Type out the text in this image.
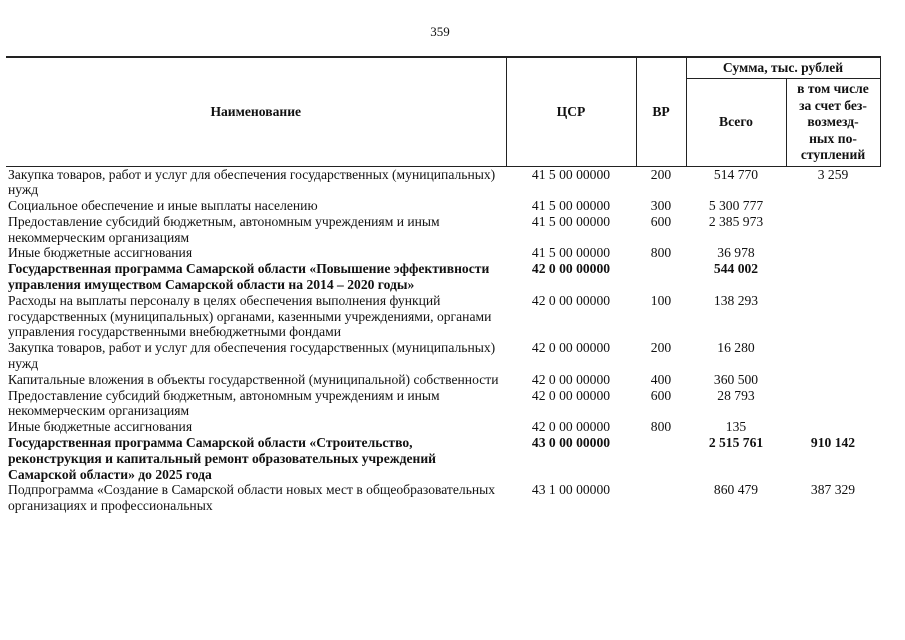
359
Наименование	ЦСР	ВР	Сумма, тыс. рублей	
			Всего	в том числе
за счет без-
возмезд-
ных по-
ступлений

Закупка товаров, работ и услуг для обеспечения государственных (муниципальных) нужд	41 5 00 00000	200	514 770	3 259
Социальное обеспечение и иные выплаты населению	41 5 00 00000	300	5 300 777	
Предоставление субсидий бюджетным, автономным учреждениям и иным некоммерческим организациям	41 5 00 00000	600	2 385 973	
Иные бюджетные ассигнования	41 5 00 00000	800	36 978	
Государственная программа Самарской области «Повышение эффективности управления имуществом Самарской области на 2014 – 2020 годы»	42 0 00 00000		544 002	
Расходы на выплаты персоналу в целях обеспечения выполнения функций государственных (муниципальных) органами, казенными учреждениями, органами управления государственными внебюджетными фондами	42 0 00 00000	100	138 293	
Закупка товаров, работ и услуг для обеспечения государственных (муниципальных) нужд	42 0 00 00000	200	16 280	
Капитальные вложения в объекты государственной (муниципальной) собственности	42 0 00 00000	400	360 500	
Предоставление субсидий бюджетным, автономным учреждениям и иным некоммерческим организациям	42 0 00 00000	600	28 793	
Иные бюджетные ассигнования	42 0 00 00000	800	135	
Государственная программа Самарской области «Строительство, реконструкция и капитальный ремонт образовательных учреждений Самарской области» до 2025 года	43 0 00 00000		2 515 761	910 142
Подпрограмма «Создание в Самарской области новых мест в общеобразовательных организациях и профессиональных	43 1 00 00000		860 479	387 329
